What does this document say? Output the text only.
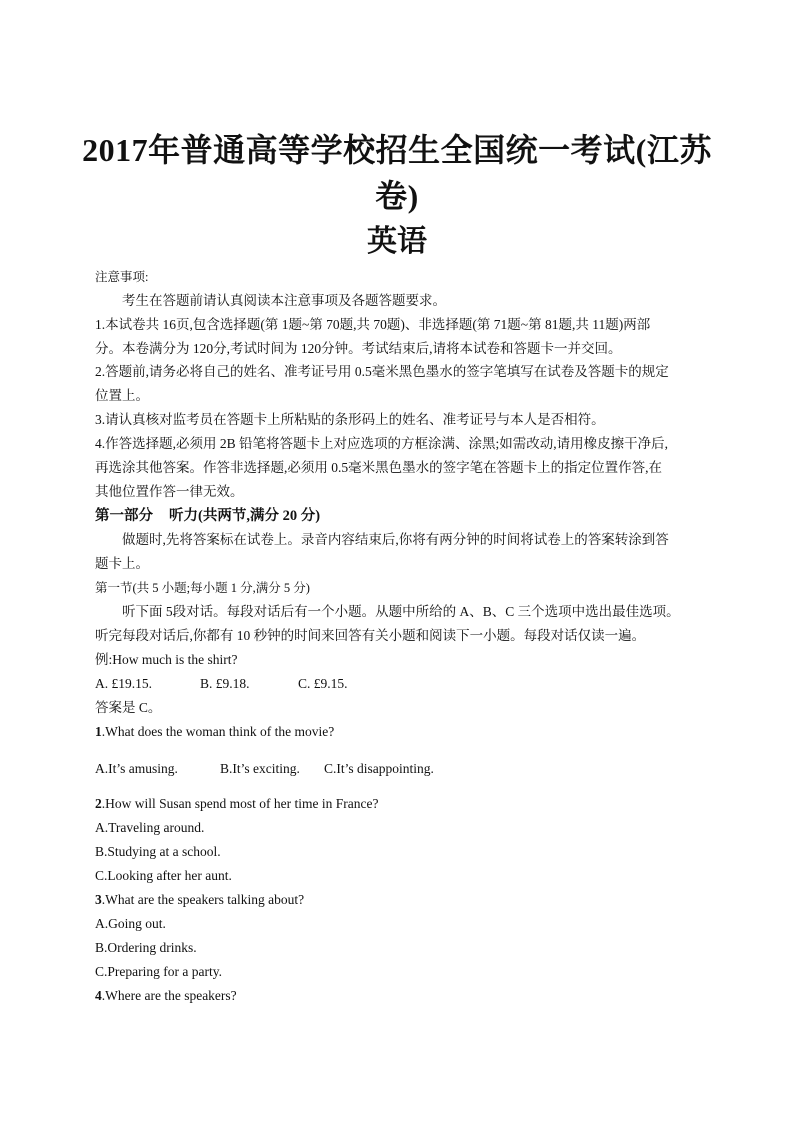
2017年普通高等学校招生全国统一考试(江苏
卷)
英语
注意事项:
考生在答题前请认真阅读本注意事项及各题答题要求。
1.本试卷共 16页,包含选择题(第 1题~第 70题,共 70题)、非选择题(第 71题~第 81题,共 11题)两部
分。本卷满分为 120分,考试时间为 120分钟。考试结束后,请将本试卷和答题卡一并交回。
2.答题前,请务必将自己的姓名、准考证号用 0.5毫米黑色墨水的签字笔填写在试卷及答题卡的规定
位置上。
3.请认真核对监考员在答题卡上所粘贴的条形码上的姓名、准考证号与本人是否相符。
4.作答选择题,必须用 2B 铅笔将答题卡上对应选项的方框涂满、涂黑;如需改动,请用橡皮擦干净后,
再选涂其他答案。作答非选择题,必须用 0.5毫米黑色墨水的签字笔在答题卡上的指定位置作答,在
其他位置作答一律无效。
第一部分 听力(共两节,满分 20 分)
做题时,先将答案标在试卷上。录音内容结束后,你将有两分钟的时间将试卷上的答案转涂到答
题卡上。
第一节(共 5 小题;每小题 1 分,满分 5 分)
听下面 5段对话。每段对话后有一个小题。从题中所给的 A、B、C 三个选项中选出最佳选项。
听完每段对话后,你都有 10 秒钟的时间来回答有关小题和阅读下一小题。每段对话仅读一遍。
例:How much is the shirt?
A. £19.15.	B. £9.18.	C. £9.15.
答案是 C。
1.What does the woman think of the movie?
A.It’s amusing.	B.It’s exciting. C.It’s disappointing.
2.How will Susan spend most of her time in France?
A.Traveling around.
B.Studying at a school.
C.Looking after her aunt.
3.What are the speakers talking about?
A.Going out.
B.Ordering drinks.
C.Preparing for a party.
4.Where are the speakers?
